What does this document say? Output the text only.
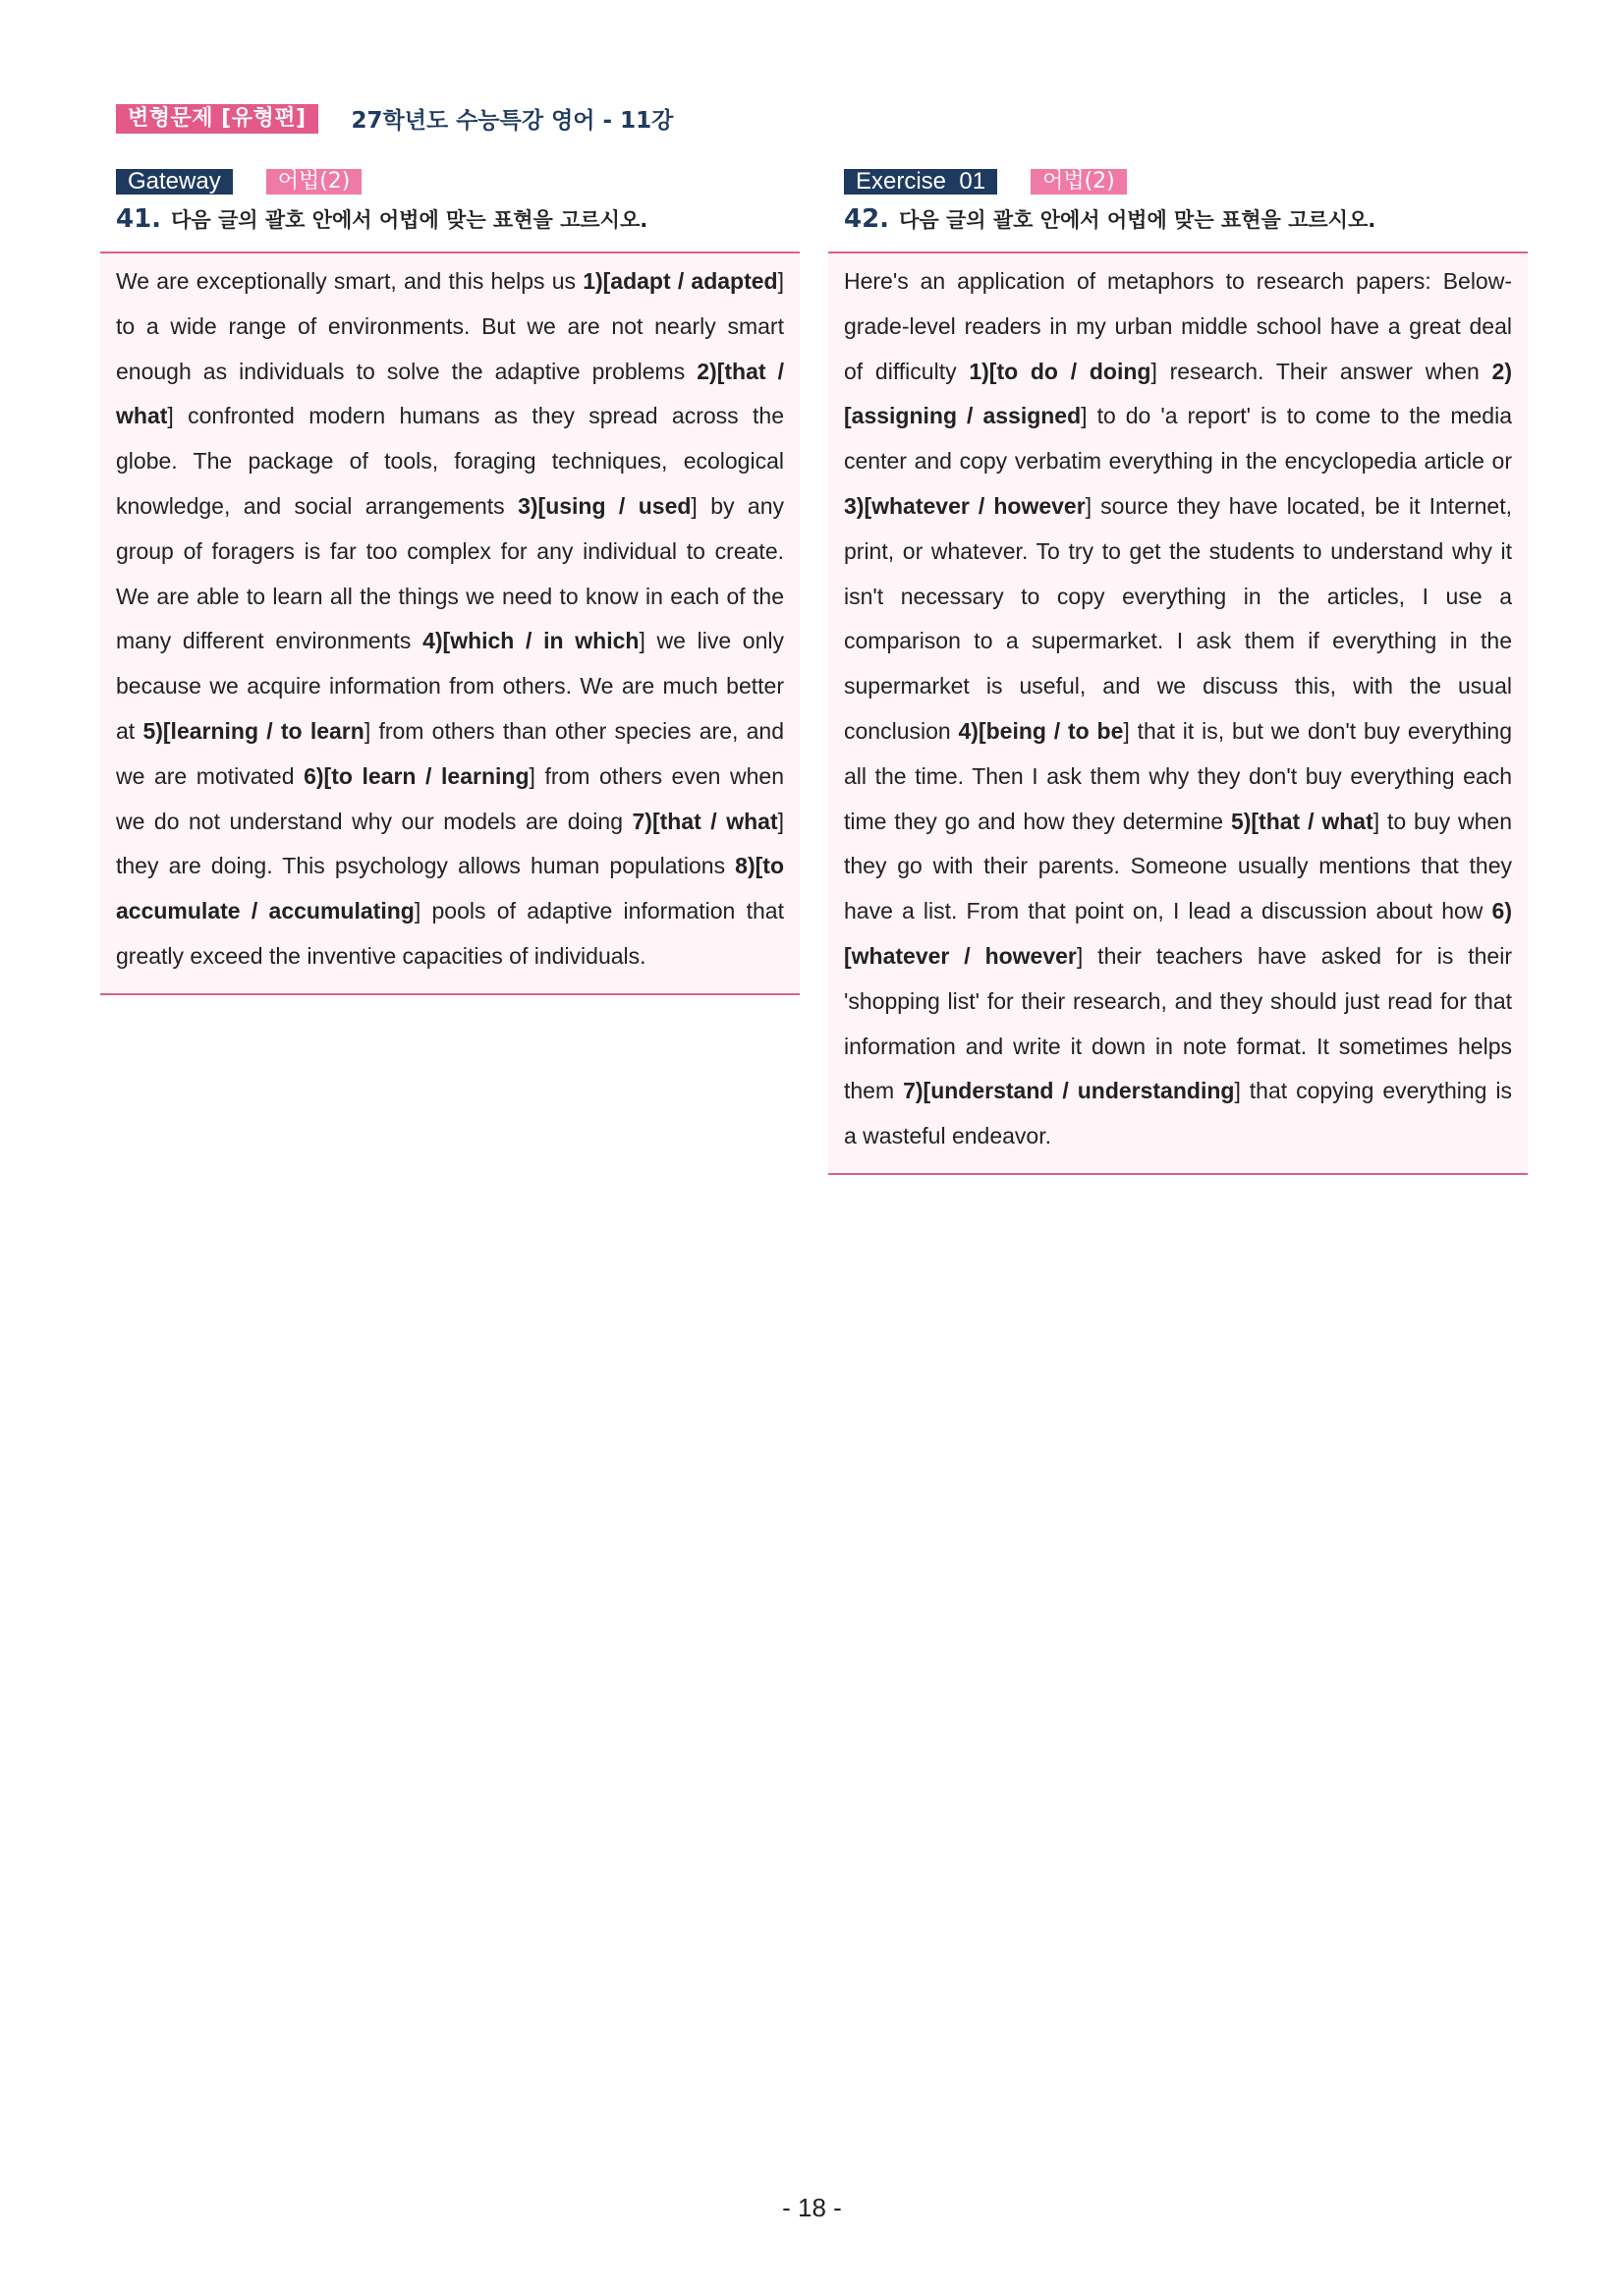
변형문제 [유형편]	27학년도 수능특강 영어 - 11강
Gateway	어법(2)
41. 다음 글의 괄호 안에서 어법에 맞는 표현을 고르시오.

We are exceptionally smart, and this helps us 1)[adapt / adapted] to a wide range of environments. But we are not nearly smart enough as individuals to solve the adaptive problems 2)[that / what] confronted modern humans as they spread across the globe. The package of tools, foraging techniques, ecological knowledge, and social arrangements 3)[using / used] by any group of foragers is far too complex for any individual to create. We are able to learn all the things we need to know in each of the many different environments 4)[which / in which] we live only because we acquire information from others. We are much better at 5)[learning / to learn] from others than other species are, and we are motivated 6)[to learn / learning] from others even when we do not understand why our models are doing 7)[that / what] they are doing. This psychology allows human populations 8)[to accumulate / accumulating] pools of adaptive information that greatly exceed the inventive capacities of individuals.

Exercise  01	어법(2)
42. 다음 글의 괄호 안에서 어법에 맞는 표현을 고르시오.

Here's an application of metaphors to research papers: Below-grade-level readers in my urban middle school have a great deal of difficulty 1)[to do / doing] research. Their answer when 2)[assigning / assigned] to do 'a report' is to come to the media center and copy verbatim everything in the encyclopedia article or 3)[whatever / however] source they have located, be it Internet, print, or whatever. To try to get the students to understand why it isn't necessary to copy everything in the articles, I use a comparison to a supermarket. I ask them if everything in the supermarket is useful, and we discuss this, with the usual conclusion 4)[being / to be] that it is, but we don't buy everything all the time. Then I ask them why they don't buy everything each time they go and how they determine 5)[that / what] to buy when they go with their parents. Someone usually mentions that they have a list. From that point on, I lead a discussion about how 6)[whatever / however] their teachers have asked for is their 'shopping list' for their research, and they should just read for that information and write it down in note format. It sometimes helps them 7)[understand / understanding] that copying everything is a wasteful endeavor.

- 18 -
